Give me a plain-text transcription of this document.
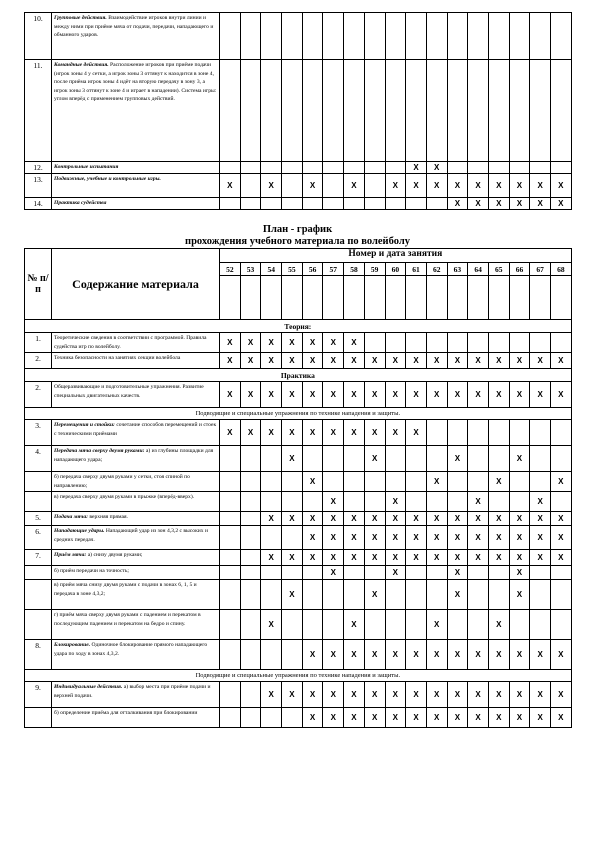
10.	Групповые действия. Взаимодействие игроков внутри линии и между ними при приёме мяча от подачи, передачи, нападающего и обманного ударов.																	
11.	Командные действия. Расположение игроков при приёме подачи (игрок зоны 4 у сетки, а игрок зоны 3 оттянут к находится в зоне 4, после приёма игрок зоны 4 идёт на вторую передачу в зону 3, а игрок зоны 3 оттянут к зоне 4 и играет в нападении). Система игры: углом вперёд с применением групповых действий.																	
12.	Контрольные испытания										X	X						
13.	Подвижные, учебные и контрольные игры.	X		X		X		X		X	X	X	X	X	X	X	X	X
14.	Практика судейства												X	X	X	X	X	X
План - график
прохождения учебного материала по волейболу
№ п/п	Содержание материала	Номер и дата занятия																
		52	53	54	55	56	57	58	59	60	61	62	63	64	65	66	67	68

Теория:																		
1.	Теоретические сведения в соответствии с программой. Правила судейства игр по волейболу.	X	X	X	X	X	X	X										
2.	Техника безопасности на занятиях секции волейбола	X	X	X	X	X	X	X	X	X	X	X	X	X	X	X	X	X
Практика																		
2.	Общеразвивающие и подготовительные упражнения. Развитие специальных двигательных качеств.	X	X	X	X	X	X	X	X	X	X	X	X	X	X	X	X	X
Подводящие и специальные упражнения по технике нападения и защиты.																		
3.	Перемещения и стойки: сочетание способов перемещений и стоек с техническими приёмами	X	X	X	X	X	X	X	X	X	X							
4.	Передача мяча сверху двумя руками: а) из глубины площадки для нападающего удара;				X				X				X			X		
	б) передача сверху двумя руками у сетки, стоя спиной по направлению;					X						X			X			X
	в) передача сверху двумя руками в прыжке (вперёд-вверх).						X			X				X			X	
5.	Подача мяча: верхняя прямая.			X	X	X	X	X	X	X	X	X	X	X	X	X	X	X
6.	Нападающие удары. Нападающий удар из зон 4,3,2 с высоких и средних передач.					X	X	X	X	X	X	X	X	X	X	X	X	X
7.	Приём мяча: а) снизу двумя руками;			X	X	X	X	X	X	X	X	X	X	X	X	X	X	X
	б) приём передачи на точность;						X			X			X			X		
	в) приём мяча снизу двумя руками с подачи в зонах 6, 1, 5 и передача в зоне 4,3,2;				X				X				X			X		
	г) приём мяча сверху двумя руками с падением и перекатом в последующим падением и перекатом на бедро и спину.			X				X				X			X			
8.	Блокирование. Одиночное блокирование прямого нападающего удара по ходу в зонах 4,3,2.					X	X	X	X	X	X	X	X	X	X	X	X	X
Подводящие и специальные упражнения по технике нападения и защиты.																		
9.	Индивидуальные действия. а) выбор места при приёме подачи и верхней подачи.			X	X	X	X	X	X	X	X	X	X	X	X	X	X	X
	б) определение приёма для отталкивания при блокировании					X	X	X	X	X	X	X	X	X	X	X	X	X
